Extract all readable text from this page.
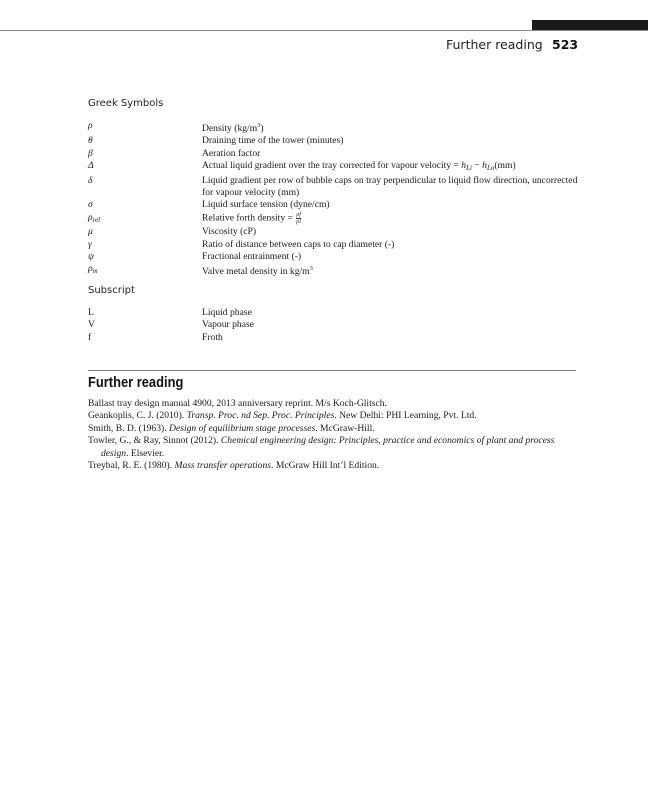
Further reading 523
Greek Symbols
ρ	Density $(kg/m^3)$
θ	Draining time of the tower (minutes)
β	Aeration factor
Δ	Actual liquid gradient over the tray corrected for vapour velocity = $h_{Li} - h_{Lo}(mm)$
δ	Liquid gradient per row of bubble caps on tray perpendicular to liquid flow direction, uncorrected for vapour velocity (mm)
σ	Liquid surface tension (dyne/cm)
$\rho_{rel}$	Relative forth density = $\frac{\rho f}{\rho l}$
μ	Viscosity (cP)
γ	Ratio of distance between caps to cap diameter (-)
ψ	Fractional entrainment (-)
$\rho_m$	Valve metal density in $kg/m^3$
Subscript
L	Liquid phase
V	Vapour phase
f	Froth
Further reading
Ballast tray design manual 4900, 2013 anniversary reprint. M/s Koch-Glitsch.
Geankoplis, C. J. (2010). Transp. Proc. nd Sep. Proc. Principles. New Delhi: PHI Learning, Pvt. Ltd.
Smith, B. D. (1963). Design of equilibrium stage processes. McGraw-Hill.
Towler, G., & Ray, Sinnot (2012). Chemical engineering design: Principles, practice and economics of plant and process design. Elsevier.
Treybal, R. E. (1980). Mass transfer operations. McGraw Hill Int’l Edition.
